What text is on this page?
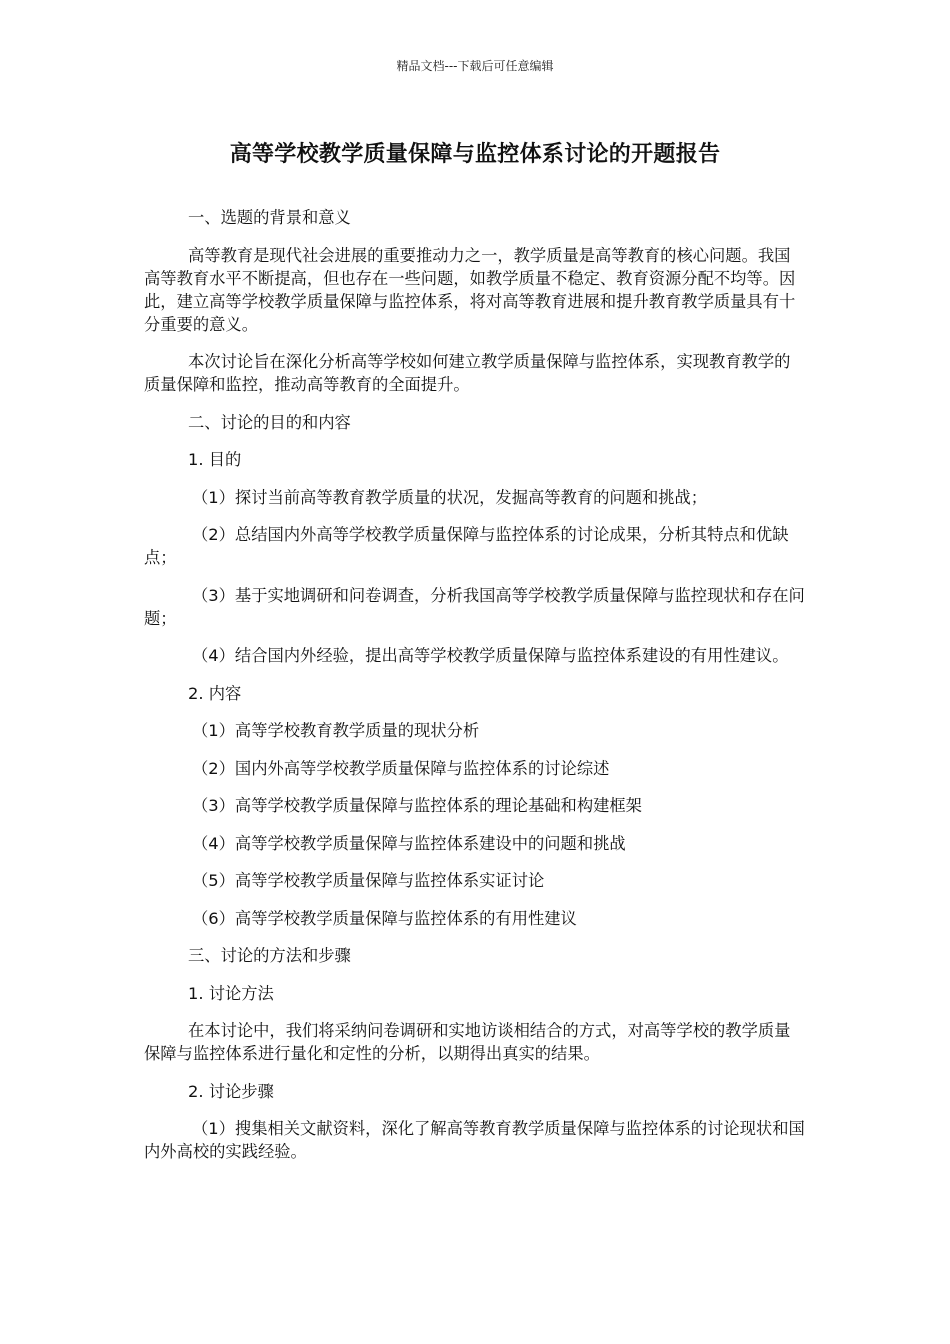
精品文档---下载后可任意编辑
高等学校教学质量保障与监控体系讨论的开题报告

一、选题的背景和意义

高等教育是现代社会进展的重要推动力之一，教学质量是高等教育的核心问题。我国高等教育水平不断提高，但也存在一些问题，如教学质量不稳定、教育资源分配不均等。因此，建立高等学校教学质量保障与监控体系，将对高等教育进展和提升教育教学质量具有十分重要的意义。

本次讨论旨在深化分析高等学校如何建立教学质量保障与监控体系，实现教育教学的质量保障和监控，推动高等教育的全面提升。

二、讨论的目的和内容

1. 目的

（1）探讨当前高等教育教学质量的状况，发掘高等教育的问题和挑战；

（2）总结国内外高等学校教学质量保障与监控体系的讨论成果，分析其特点和优缺点；

（3）基于实地调研和问卷调查，分析我国高等学校教学质量保障与监控现状和存在问题；

（4）结合国内外经验，提出高等学校教学质量保障与监控体系建设的有用性建议。

2. 内容

（1）高等学校教育教学质量的现状分析

（2）国内外高等学校教学质量保障与监控体系的讨论综述

（3）高等学校教学质量保障与监控体系的理论基础和构建框架

（4）高等学校教学质量保障与监控体系建设中的问题和挑战

（5）高等学校教学质量保障与监控体系实证讨论

（6）高等学校教学质量保障与监控体系的有用性建议

三、讨论的方法和步骤

1. 讨论方法

在本讨论中，我们将采纳问卷调研和实地访谈相结合的方式，对高等学校的教学质量保障与监控体系进行量化和定性的分析，以期得出真实的结果。

2. 讨论步骤

（1）搜集相关文献资料，深化了解高等教育教学质量保障与监控体系的讨论现状和国内外高校的实践经验。
